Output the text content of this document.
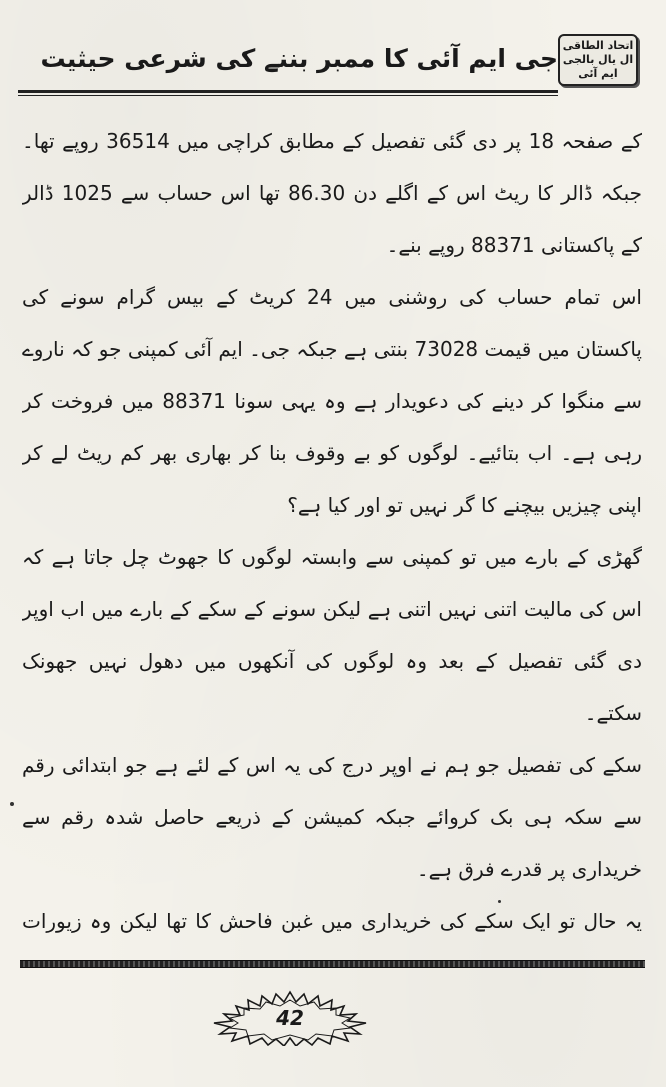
اتحاد الطاقی ال یال بالجی ایم آئی
جی ایم آئی کا ممبر بننے کی شرعی حیثیت

کے صفحہ 18 پر دی گئی تفصیل کے مطابق کراچی میں 36514 روپے تھا۔ جبکہ ڈالر کا ریٹ اس کے اگلے دن 86.30 تھا اس حساب سے 1025 ڈالر کے پاکستانی 88371 روپے بنے۔

اس تمام حساب کی روشنی میں 24 کریٹ کے بیس گرام سونے کی پاکستان میں قیمت 73028 بنتی ہے جبکہ جی۔ ایم آئی کمپنی جو کہ ناروے سے منگوا کر دینے کی دعویدار ہے وہ یہی سونا 88371 میں فروخت کر رہی ہے۔ اب بتائیے۔ لوگوں کو بے وقوف بنا کر بھاری بھر کم ریٹ لے کر اپنی چیزیں بیچنے کا گر نہیں تو اور کیا ہے؟

گھڑی کے بارے میں تو کمپنی سے وابستہ لوگوں کا جھوٹ چل جاتا ہے کہ اس کی مالیت اتنی نہیں اتنی ہے لیکن سونے کے سکے کے بارے میں اب اوپر دی گئی تفصیل کے بعد وہ لوگوں کی آنکھوں میں دھول نہیں جھونک سکتے۔

سکے کی تفصیل جو ہم نے اوپر درج کی یہ اس کے لئے ہے جو ابتدائی رقم سے سکہ ہی بک کروائے جبکہ کمیشن کے ذریعے حاصل شدہ رقم سے خریداری پر قدرے فرق ہے۔

یہ حال تو ایک سکے کی خریداری میں غبن فاحش کا تھا لیکن وہ زیورات

42
